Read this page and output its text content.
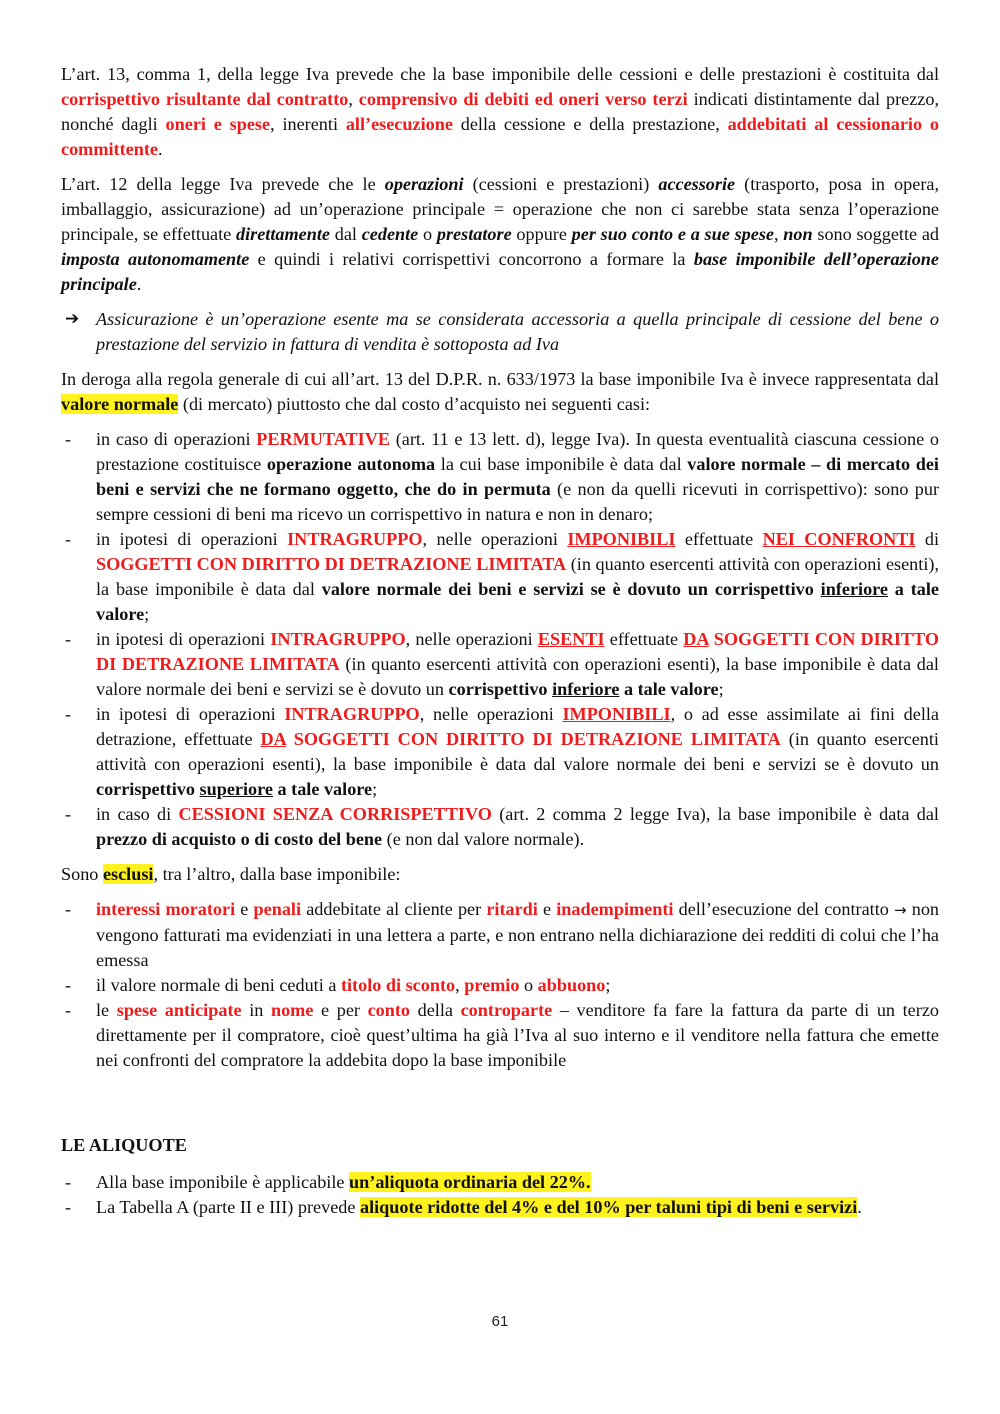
L’art. 13, comma 1, della legge Iva prevede che la base imponibile delle cessioni e delle prestazioni è costituita dal corrispettivo risultante dal contratto, comprensivo di debiti ed oneri verso terzi indicati distintamente dal prezzo, nonché dagli oneri e spese, inerenti all’esecuzione della cessione e della prestazione, addebitati al cessionario o committente.

L’art. 12 della legge Iva prevede che le operazioni (cessioni e prestazioni) accessorie (trasporto, posa in opera, imballaggio, assicurazione) ad un’operazione principale = operazione che non ci sarebbe stata senza l’operazione principale, se effettuate direttamente dal cedente o prestatore oppure per suo conto e a sue spese, non sono soggette ad imposta autonomamente e quindi i relativi corrispettivi concorrono a formare la base imponibile dell’operazione principale.

➔ Assicurazione è un’operazione esente ma se considerata accessoria a quella principale di cessione del bene o prestazione del servizio in fattura di vendita è sottoposta ad Iva

In deroga alla regola generale di cui all’art. 13 del D.P.R. n. 633/1973 la base imponibile Iva è invece rappresentata dal valore normale (di mercato) piuttosto che dal costo d’acquisto nei seguenti casi:

- in caso di operazioni PERMUTATIVE (art. 11 e 13 lett. d), legge Iva). In questa eventualità ciascuna cessione o prestazione costituisce operazione autonoma la cui base imponibile è data dal valore normale – di mercato dei beni e servizi che ne formano oggetto, che do in permuta (e non da quelli ricevuti in corrispettivo): sono pur sempre cessioni di beni ma ricevo un corrispettivo in natura e non in denaro;
- in ipotesi di operazioni INTRAGRUPPO, nelle operazioni IMPONIBILI effettuate NEI CONFRONTI di SOGGETTI CON DIRITTO DI DETRAZIONE LIMITATA (in quanto esercenti attività con operazioni esenti), la base imponibile è data dal valore normale dei beni e servizi se è dovuto un corrispettivo inferiore a tale valore;
- in ipotesi di operazioni INTRAGRUPPO, nelle operazioni ESENTI effettuate DA SOGGETTI CON DIRITTO DI DETRAZIONE LIMITATA (in quanto esercenti attività con operazioni esenti), la base imponibile è data dal valore normale dei beni e servizi se è dovuto un corrispettivo inferiore a tale valore;
- in ipotesi di operazioni INTRAGRUPPO, nelle operazioni IMPONIBILI, o ad esse assimilate ai fini della detrazione, effettuate DA SOGGETTI CON DIRITTO DI DETRAZIONE LIMITATA (in quanto esercenti attività con operazioni esenti), la base imponibile è data dal valore normale dei beni e servizi se è dovuto un corrispettivo superiore a tale valore;
- in caso di CESSIONI SENZA CORRISPETTIVO (art. 2 comma 2 legge Iva), la base imponibile è data dal prezzo di acquisto o di costo del bene (e non dal valore normale).

Sono esclusi, tra l’altro, dalla base imponibile:

- interessi moratori e penali addebitate al cliente per ritardi e inadempimenti dell’esecuzione del contratto → non vengono fatturati ma evidenziati in una lettera a parte, e non entrano nella dichiarazione dei redditi di colui che l’ha emessa
- il valore normale di beni ceduti a titolo di sconto, premio o abbuono;
- le spese anticipate in nome e per conto della controparte – venditore fa fare la fattura da parte di un terzo direttamente per il compratore, cioè quest’ultima ha già l’Iva al suo interno e il venditore nella fattura che emette nei confronti del compratore la addebita dopo la base imponibile
LE ALIQUOTE
- Alla base imponibile è applicabile un’aliquota ordinaria del 22%.
- La Tabella A (parte II e III) prevede aliquote ridotte del 4% e del 10% per taluni tipi di beni e servizi.
61
